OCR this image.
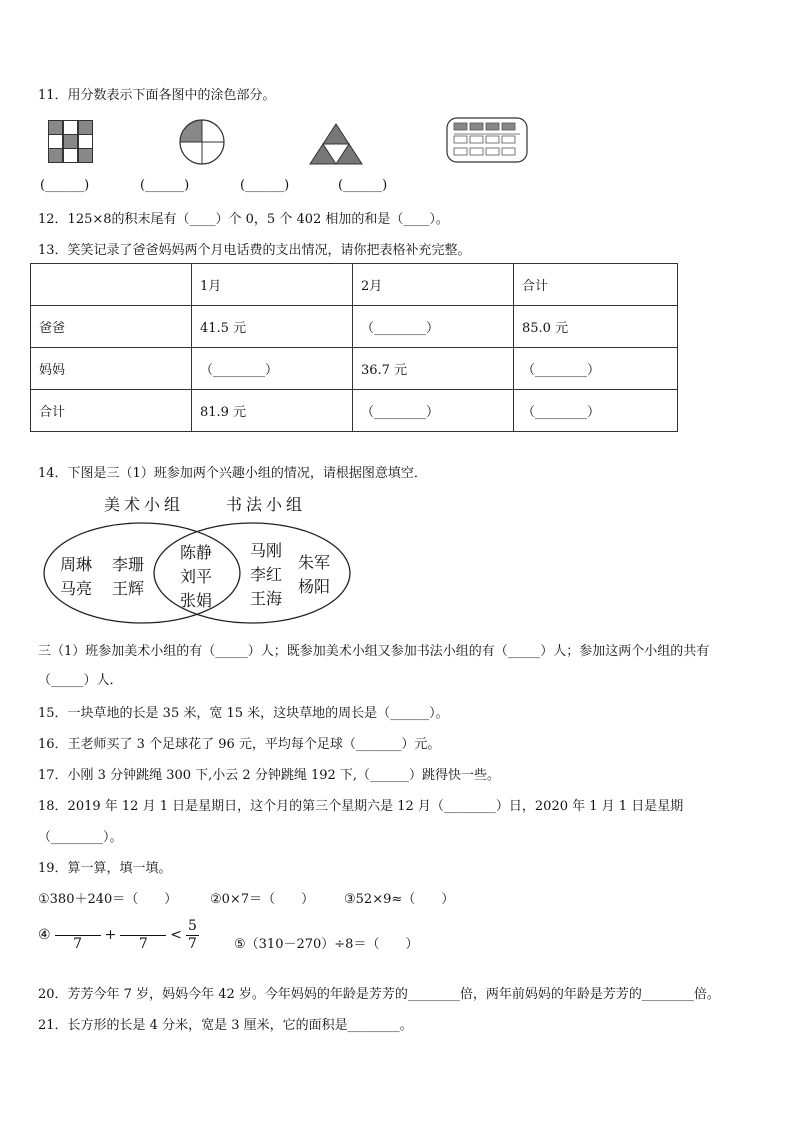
11．用分数表示下面各图中的涂色部分。
(______)	(______)	(______)	(______)
12．125×8的积末尾有（____）个 0，5 个 402 相加的和是（____）。
13．笑笑记录了爸爸妈妈两个月电话费的支出情况，请你把表格补充完整。
	1月	2月	合计
爸爸	41.5 元	（________）	85.0 元
妈妈	（________）	36.7 元	（________）
合计	81.9 元	（________）	（________）
14．下图是三（1）班参加两个兴趣小组的情况，请根据图意填空．
美术小组	书法小组
周琳 李珊
马亮 王辉
陈静
刘平
张娟
马刚
朱军
李红
杨阳
王海
三（1）班参加美术小组的有（_____）人；既参加美术小组又参加书法小组的有（_____）人；参加这两个小组的共有
（_____）人．
15．一块草地的长是 35 米，宽 15 米，这块草地的周长是（______）。
16．王老师买了 3 个足球花了 96 元，平均每个足球（_______）元。
17．小刚 3 分钟跳绳 300 下,小云 2 分钟跳绳 192 下,（______）跳得快一些。
18．2019 年 12 月 1 日是星期日，这个月的第三个星期六是 12 月（________）日，2020 年 1 月 1 日是星期
（________）。
19．算一算，填一填。
①380＋240＝（　　）	②0×7＝（　　） ③52×9≈（　　）
④

7
+

7
< $\frac{5}{7}$	⑤（310－270）÷8＝（　　）
20．芳芳今年 7 岁，妈妈今年 42 岁。今年妈妈的年龄是芳芳的________倍，两年前妈妈的年龄是芳芳的________倍。
21．长方形的长是 4 分米，宽是 3 厘米，它的面积是________。
